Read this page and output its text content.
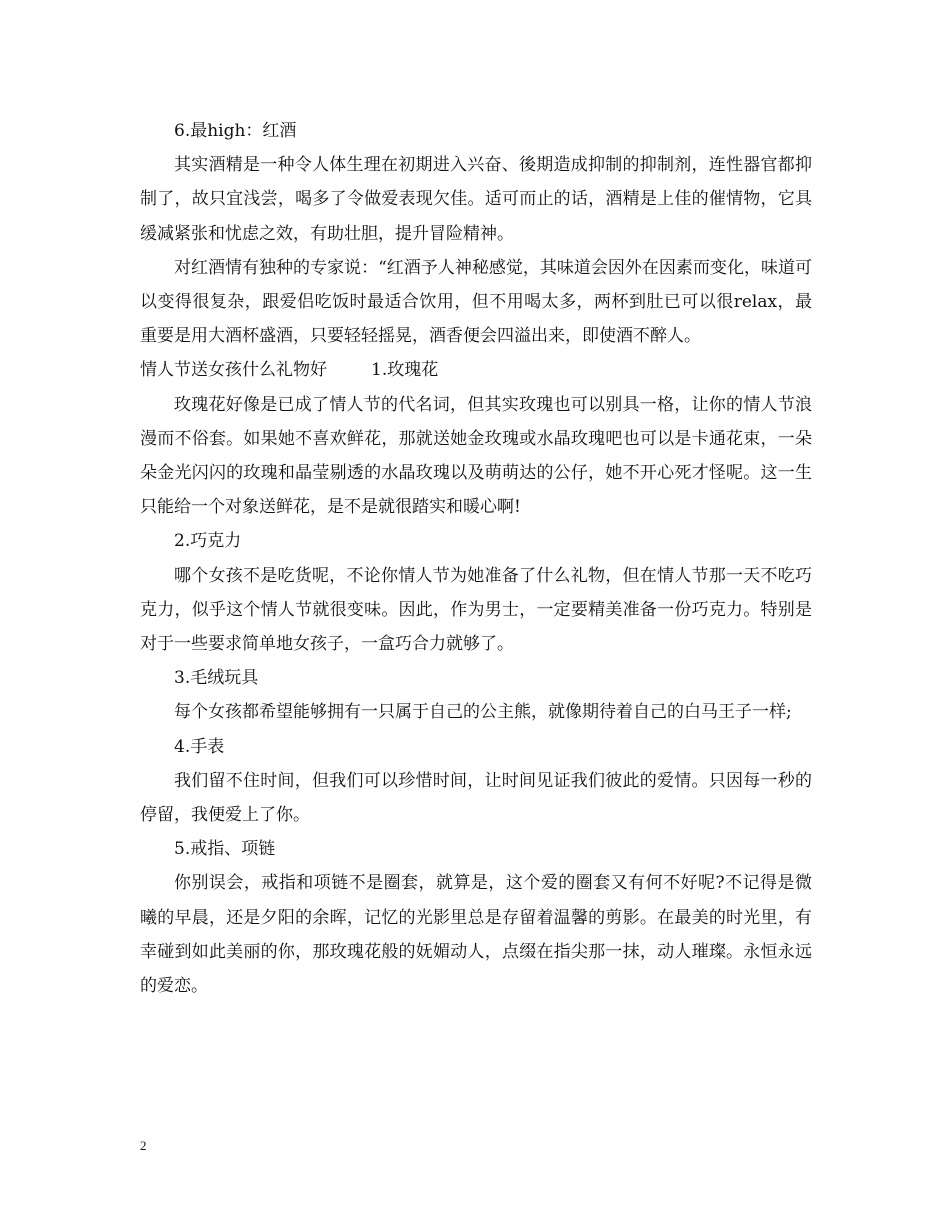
6.最high：红酒

其实酒精是一种令人体生理在初期进入兴奋、後期造成抑制的抑制剂，连性器官都抑制了，故只宜浅尝，喝多了令做爱表现欠佳。适可而止的话，酒精是上佳的催情物，它具缓减紧张和忧虑之效，有助壮胆，提升冒险精神。

对红酒情有独种的专家说：“红酒予人神秘感觉，其味道会因外在因素而变化，味道可以变得很复杂，跟爱侣吃饭时最适合饮用，但不用喝太多，两杯到肚已可以很relax，最重要是用大酒杯盛酒，只要轻轻摇晃，酒香便会四溢出来，即使酒不醉人。

情人节送女孩什么礼物好	1.玫瑰花

玫瑰花好像是已成了情人节的代名词，但其实玫瑰也可以别具一格，让你的情人节浪漫而不俗套。如果她不喜欢鲜花，那就送她金玫瑰或水晶玫瑰吧也可以是卡通花束，一朵朵金光闪闪的玫瑰和晶莹剔透的水晶玫瑰以及萌萌达的公仔，她不开心死才怪呢。这一生只能给一个对象送鲜花，是不是就很踏实和暖心啊!

2.巧克力

哪个女孩不是吃货呢，不论你情人节为她准备了什么礼物，但在情人节那一天不吃巧克力，似乎这个情人节就很变味。因此，作为男士，一定要精美准备一份巧克力。特别是对于一些要求简单地女孩子，一盒巧合力就够了。

3.毛绒玩具

每个女孩都希望能够拥有一只属于自己的公主熊，就像期待着自己的白马王子一样;

4.手表

我们留不住时间，但我们可以珍惜时间，让时间见证我们彼此的爱情。只因每一秒的停留，我便爱上了你。

5.戒指、项链

你别误会，戒指和项链不是圈套，就算是，这个爱的圈套又有何不好呢?不记得是微曦的早晨，还是夕阳的余晖，记忆的光影里总是存留着温馨的剪影。在最美的时光里，有幸碰到如此美丽的你，那玫瑰花般的妩媚动人，点缀在指尖那一抹，动人璀璨。永恒永远的爱恋。

2
